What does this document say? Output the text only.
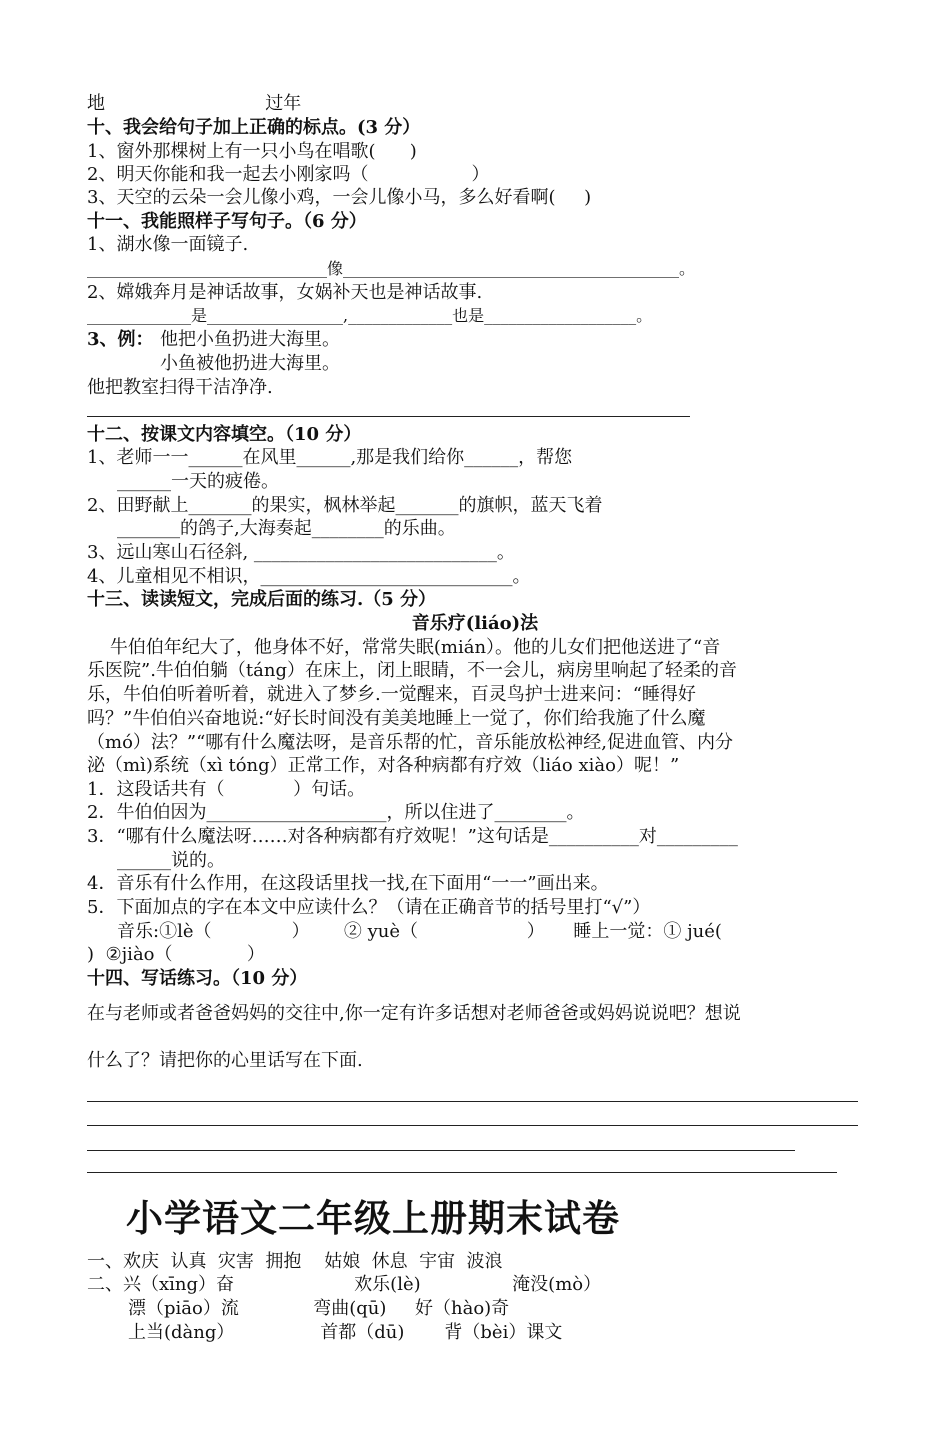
地                            过年
十、我会给句子加上正确的标点。(3 分）
1、窗外那棵树上有一只小鸟在唱歌(      )
2、明天你能和我一起去小刚家吗（                  ）
3、天空的云朵一会儿像小鸡，一会儿像小马，多么好看啊(     )
十一、我能照样子写句子。（6 分）
1、湖水像一面镜子.
______________________________像__________________________________________。
2、嫦娥奔月是神话故事，女娲补天也是神话故事.
_____________是_________________,_____________也是___________________。
3、例： 他把小鱼扔进大海里。
小鱼被他扔进大海里。
他把教室扫得干洁净净.
十二、按课文内容填空。（10 分）
1、老师一一______在风里______,那是我们给你______，帮您
______一天的疲倦。
2、田野献上_______的果实，枫林举起_______的旗帜，蓝天飞着
_______的鸽子,大海奏起________的乐曲。
3、远山寒山石径斜, ___________________________。
4、儿童相见不相识，____________________________。
十三、读读短文，完成后面的练习.（5 分）
音乐疗(liáo)法
牛伯伯年纪大了，他身体不好，常常失眠(mián）。他的儿女们把他送进了“音
乐医院”.牛伯伯躺（táng）在床上，闭上眼睛，不一会儿，病房里响起了轻柔的音
乐，牛伯伯听着听着，就进入了梦乡.一觉醒来，百灵鸟护士进来问：“睡得好
吗？”牛伯伯兴奋地说:“好长时间没有美美地睡上一觉了，你们给我施了什么魔
（mó）法？”“哪有什么魔法呀，是音乐帮的忙，音乐能放松神经,促进血管、内分
泌（mì)系统（xì tóng）正常工作，对各种病都有疗效（liáo xiào）呢！”
1．这段话共有（            ）句话。
2．牛伯伯因为____________________，所以住进了________。
3．“哪有什么魔法呀……对各种病都有疗效呢！”这句话是__________对_________
______说的。
4．音乐有什么作用，在这段话里找一找,在下面用“一一”画出来。
5．下面加点的字在本文中应读什么？（请在正确音节的括号里打“√”）
音乐:①lè（              ）      ② yuè（                   ）     睡上一觉：① jué(
)  ②jiào（             ）
十四、写话练习。（10 分）
在与老师或者爸爸妈妈的交往中,你一定有许多话想对老师爸爸或妈妈说说吧？想说
什么了？请把你的心里话写在下面.
小学语文二年级上册期末试卷
一、欢庆  认真  灾害  拥抱    姑娘  休息  宇宙  波浪
二、兴（xīng）奋                     欢乐(lè)                淹没(mò）
漂（piāo）流             弯曲(qū)     好（hào)奇
上当(dàng）               首都（dū)       背（bèi）课文
